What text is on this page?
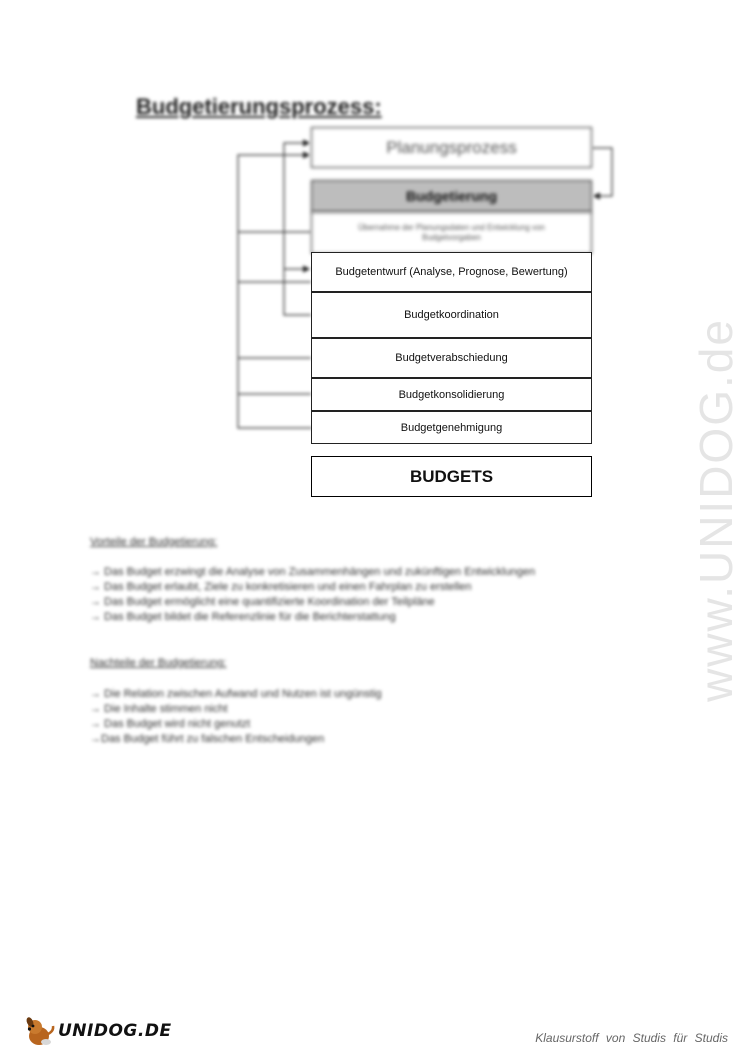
Budgetierungsprozess:
Planungsprozess
Budgetierung
Übernahme der Planungsdaten und Entwicklung von Budgetvorgaben
Budgetentwurf (Analyse, Prognose, Bewertung)
Budgetkoordination
Budgetverabschiedung
Budgetkonsolidierung
Budgetgenehmigung
BUDGETS
Vorteile der Budgetierung:
→ Das Budget erzwingt die Analyse von Zusammenhängen und zukünftigen Entwicklungen
→ Das Budget erlaubt, Ziele zu konkretisieren und einen Fahrplan zu erstellen
→ Das Budget ermöglicht eine quantifizierte Koordination der Teilpläne
→ Das Budget bildet die Referenzlinie für die Berichterstattung
Nachteile der Budgetierung:
→ Die Relation zwischen Aufwand und Nutzen ist ungünstig
→ Die Inhalte stimmen nicht
→ Das Budget wird nicht genutzt
→Das Budget führt zu falschen Entscheidungen
www.UNIDOG.de
UNIDOG.DE	Klausurstoff von Studis für Studis
